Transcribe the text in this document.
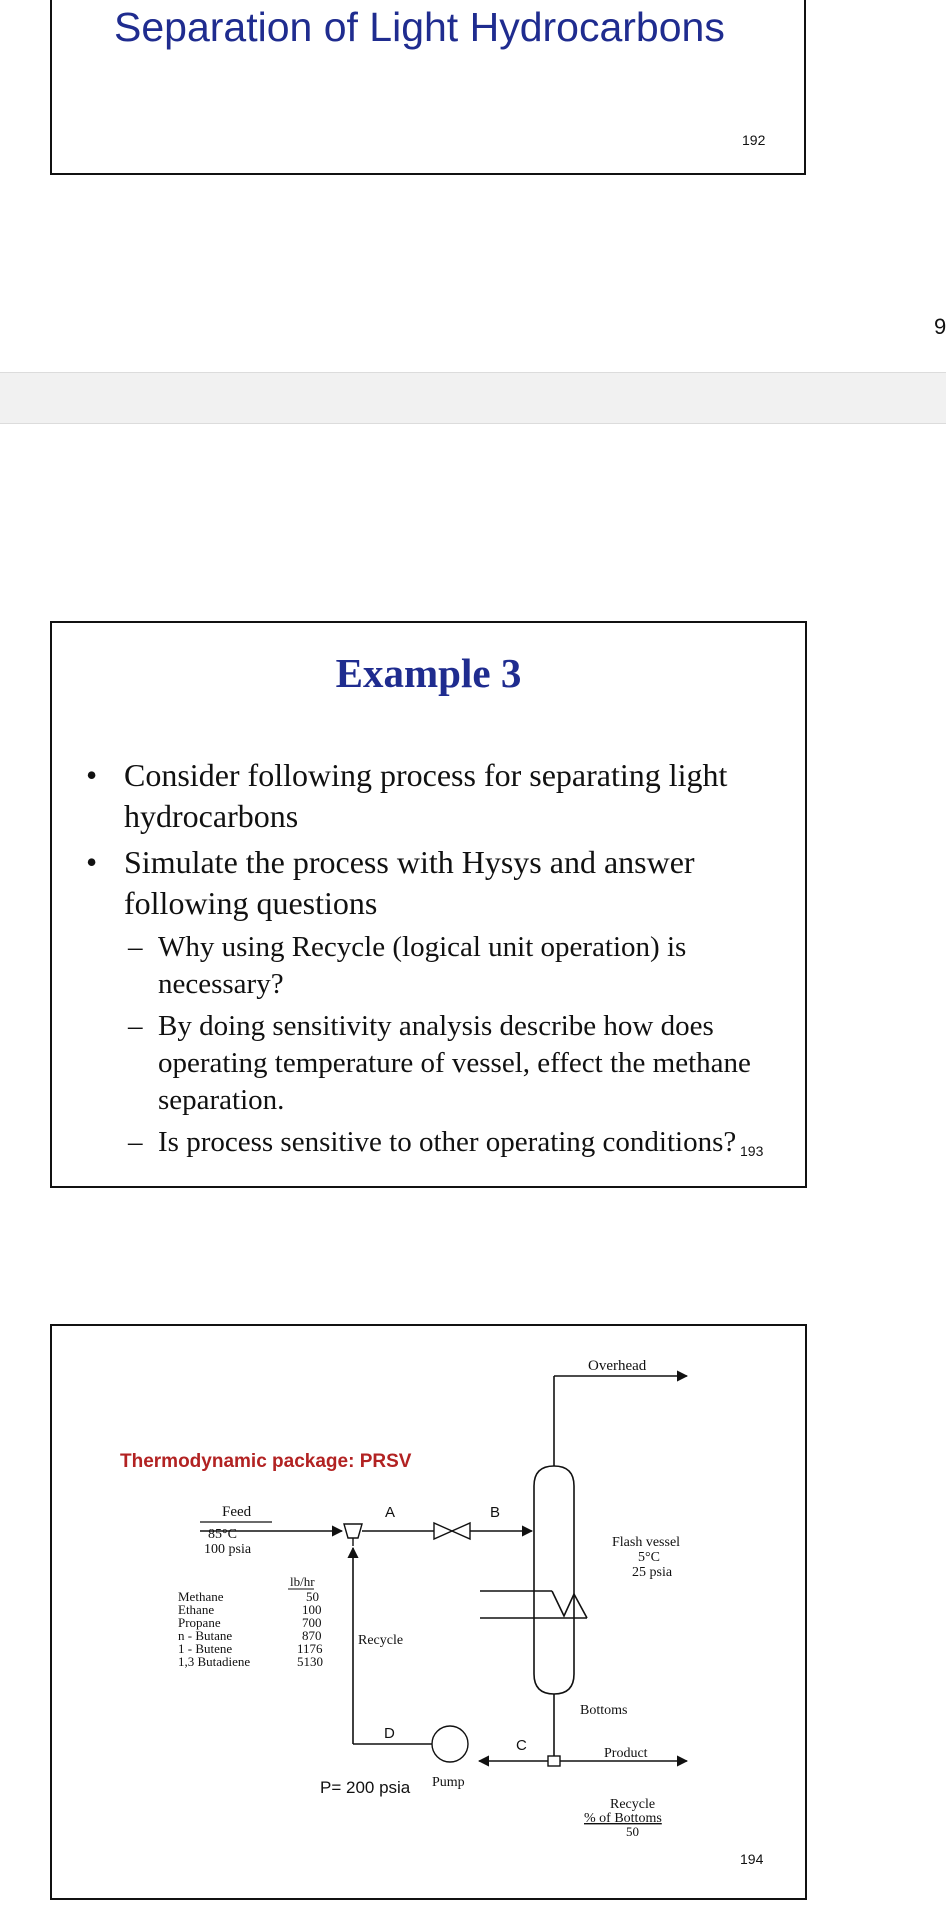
Separation of Light Hydrocarbons
192
9
Example 3
• Consider following process for separating light hydrocarbons
• Simulate the process with Hysys and answer following questions
– Why using Recycle (logical unit operation) is necessary?
– By doing sensitivity analysis describe how does operating temperature of vessel, effect the methane separation.
– Is process sensitive to other operating conditions? 193
Thermodynamic package: PRSV
Feed
85°C
100 psia
A	B
Overhead
Flash vessel
5°C
25 psia
Bottoms
C	Product
Pump
P= 200 psia
D
Recycle
lb/hr
Methane	50
Ethane	100
Propane	700
n - Butane	870
1 - Butene	1176
1,3 Butadiene	5130
Recycle
% of Bottoms
50
194
